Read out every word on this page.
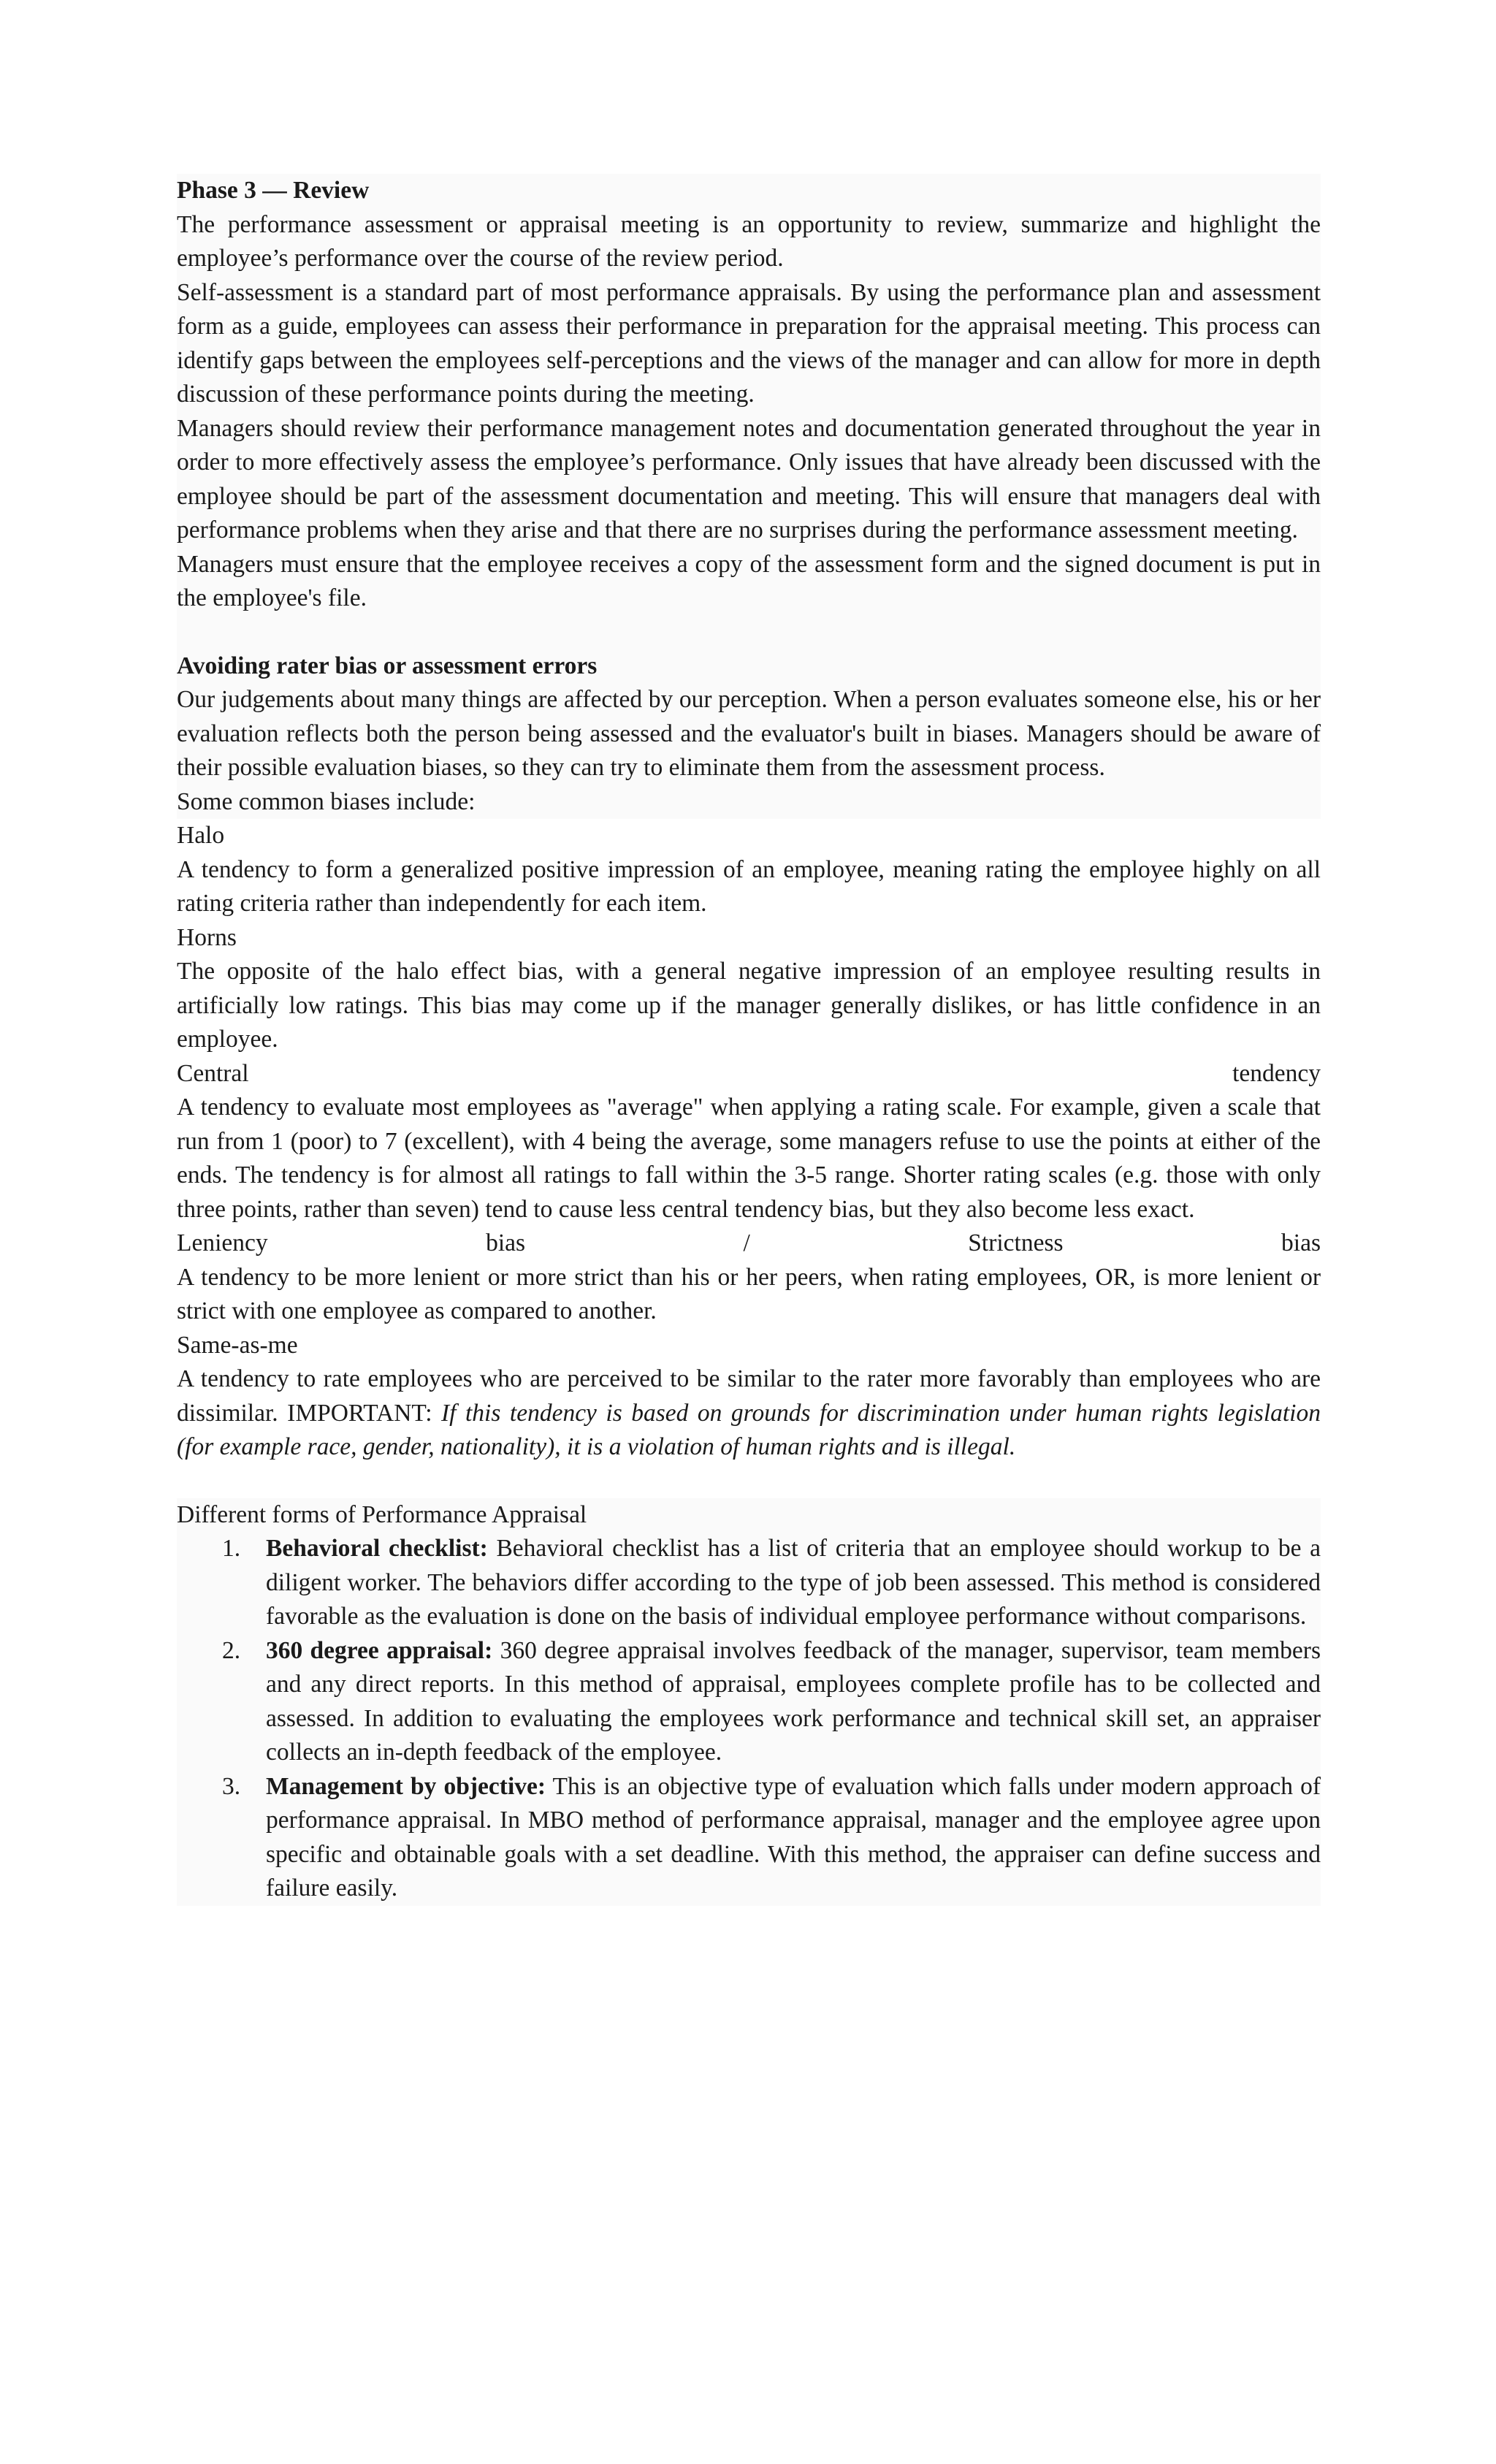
Phase 3 — Review

The performance assessment or appraisal meeting is an opportunity to review, summarize and highlight the employee’s performance over the course of the review period.

Self-assessment is a standard part of most performance appraisals. By using the performance plan and assessment form as a guide, employees can assess their performance in preparation for the appraisal meeting. This process can identify gaps between the employees self-perceptions and the views of the manager and can allow for more in depth discussion of these performance points during the meeting.

Managers should review their performance management notes and documentation generated throughout the year in order to more effectively assess the employee’s performance. Only issues that have already been discussed with the employee should be part of the assessment documentation and meeting. This will ensure that managers deal with performance problems when they arise and that there are no surprises during the performance assessment meeting.

Managers must ensure that the employee receives a copy of the assessment form and the signed document is put in the employee's file.

Avoiding rater bias or assessment errors

Our judgements about many things are affected by our perception. When a person evaluates someone else, his or her evaluation reflects both the person being assessed and the evaluator's built in biases. Managers should be aware of their possible evaluation biases, so they can try to eliminate them from the assessment process.

Some common biases include:

Halo

A tendency to form a generalized positive impression of an employee, meaning rating the employee highly on all rating criteria rather than independently for each item.

Horns

The opposite of the halo effect bias, with a general negative impression of an employee resulting results in artificially low ratings. This bias may come up if the manager generally dislikes, or has little confidence in an employee.

Central	tendency

A tendency to evaluate most employees as "average" when applying a rating scale. For example, given a scale that run from 1 (poor) to 7 (excellent), with 4 being the average, some managers refuse to use the points at either of the ends. The tendency is for almost all ratings to fall within the 3-5 range. Shorter rating scales (e.g. those with only three points, rather than seven) tend to cause less central tendency bias, but they also become less exact.

Leniency	bias	/	Strictness	bias

A tendency to be more lenient or more strict than his or her peers, when rating employees, OR, is more lenient or strict with one employee as compared to another.

Same-as-me

A tendency to rate employees who are perceived to be similar to the rater more favorably than employees who are dissimilar. IMPORTANT: If this tendency is based on grounds for discrimination under human rights legislation (for example race, gender, nationality), it is a violation of human rights and is illegal.

Different forms of Performance Appraisal

1. Behavioral checklist: Behavioral checklist has a list of criteria that an employee should workup to be a diligent worker. The behaviors differ according to the type of job been assessed. This method is considered favorable as the evaluation is done on the basis of individual employee performance without comparisons.
2. 360 degree appraisal: 360 degree appraisal involves feedback of the manager, supervisor, team members and any direct reports. In this method of appraisal, employees complete profile has to be collected and assessed. In addition to evaluating the employees work performance and technical skill set, an appraiser collects an in-depth feedback of the employee.
3. Management by objective: This is an objective type of evaluation which falls under modern approach of performance appraisal. In MBO method of performance appraisal, manager and the employee agree upon specific and obtainable goals with a set deadline. With this method, the appraiser can define success and failure easily.
